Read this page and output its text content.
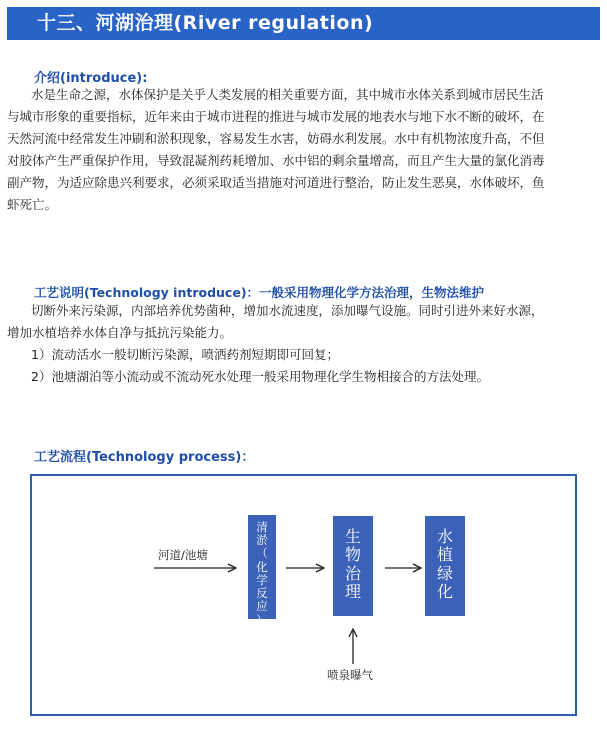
十三、河湖治理(River regulation)
介绍(introduce):

水是生命之源，水体保护是关乎人类发展的相关重要方面，其中城市水体关系到城市居民生活

与城市形象的重要指标，近年来由于城市进程的推进与城市发展的地表水与地下水不断的破坏，在

天然河流中经常发生冲刷和淤积现象，容易发生水害，妨碍水利发展。水中有机物浓度升高，不但

对胶体产生严重保护作用，导致混凝剂药耗增加、水中铝的剩余量增高，而且产生大量的氯化消毒

副产物，为适应除患兴利要求，必须采取适当措施对河道进行整治，防止发生恶臭，水体破坏，鱼

虾死亡。

工艺说明(Technology introduce)：一般采用物理化学方法治理，生物法维护

切断外来污染源，内部培养优势菌种，增加水流速度，添加曝气设施。同时引进外来好水源，

增加水植培养水体自净与抵抗污染能力。

1）流动活水一般切断污染源，喷洒药剂短期即可回复；

2）池塘湖泊等小流动或不流动死水处理一般采用物理化学生物相接合的方法处理。

工艺流程(Technology process)：
河道/池塘
清
淤
（
化
学
反
应
）
生
物
治
理
水
植
绿
化
喷泉曝气
